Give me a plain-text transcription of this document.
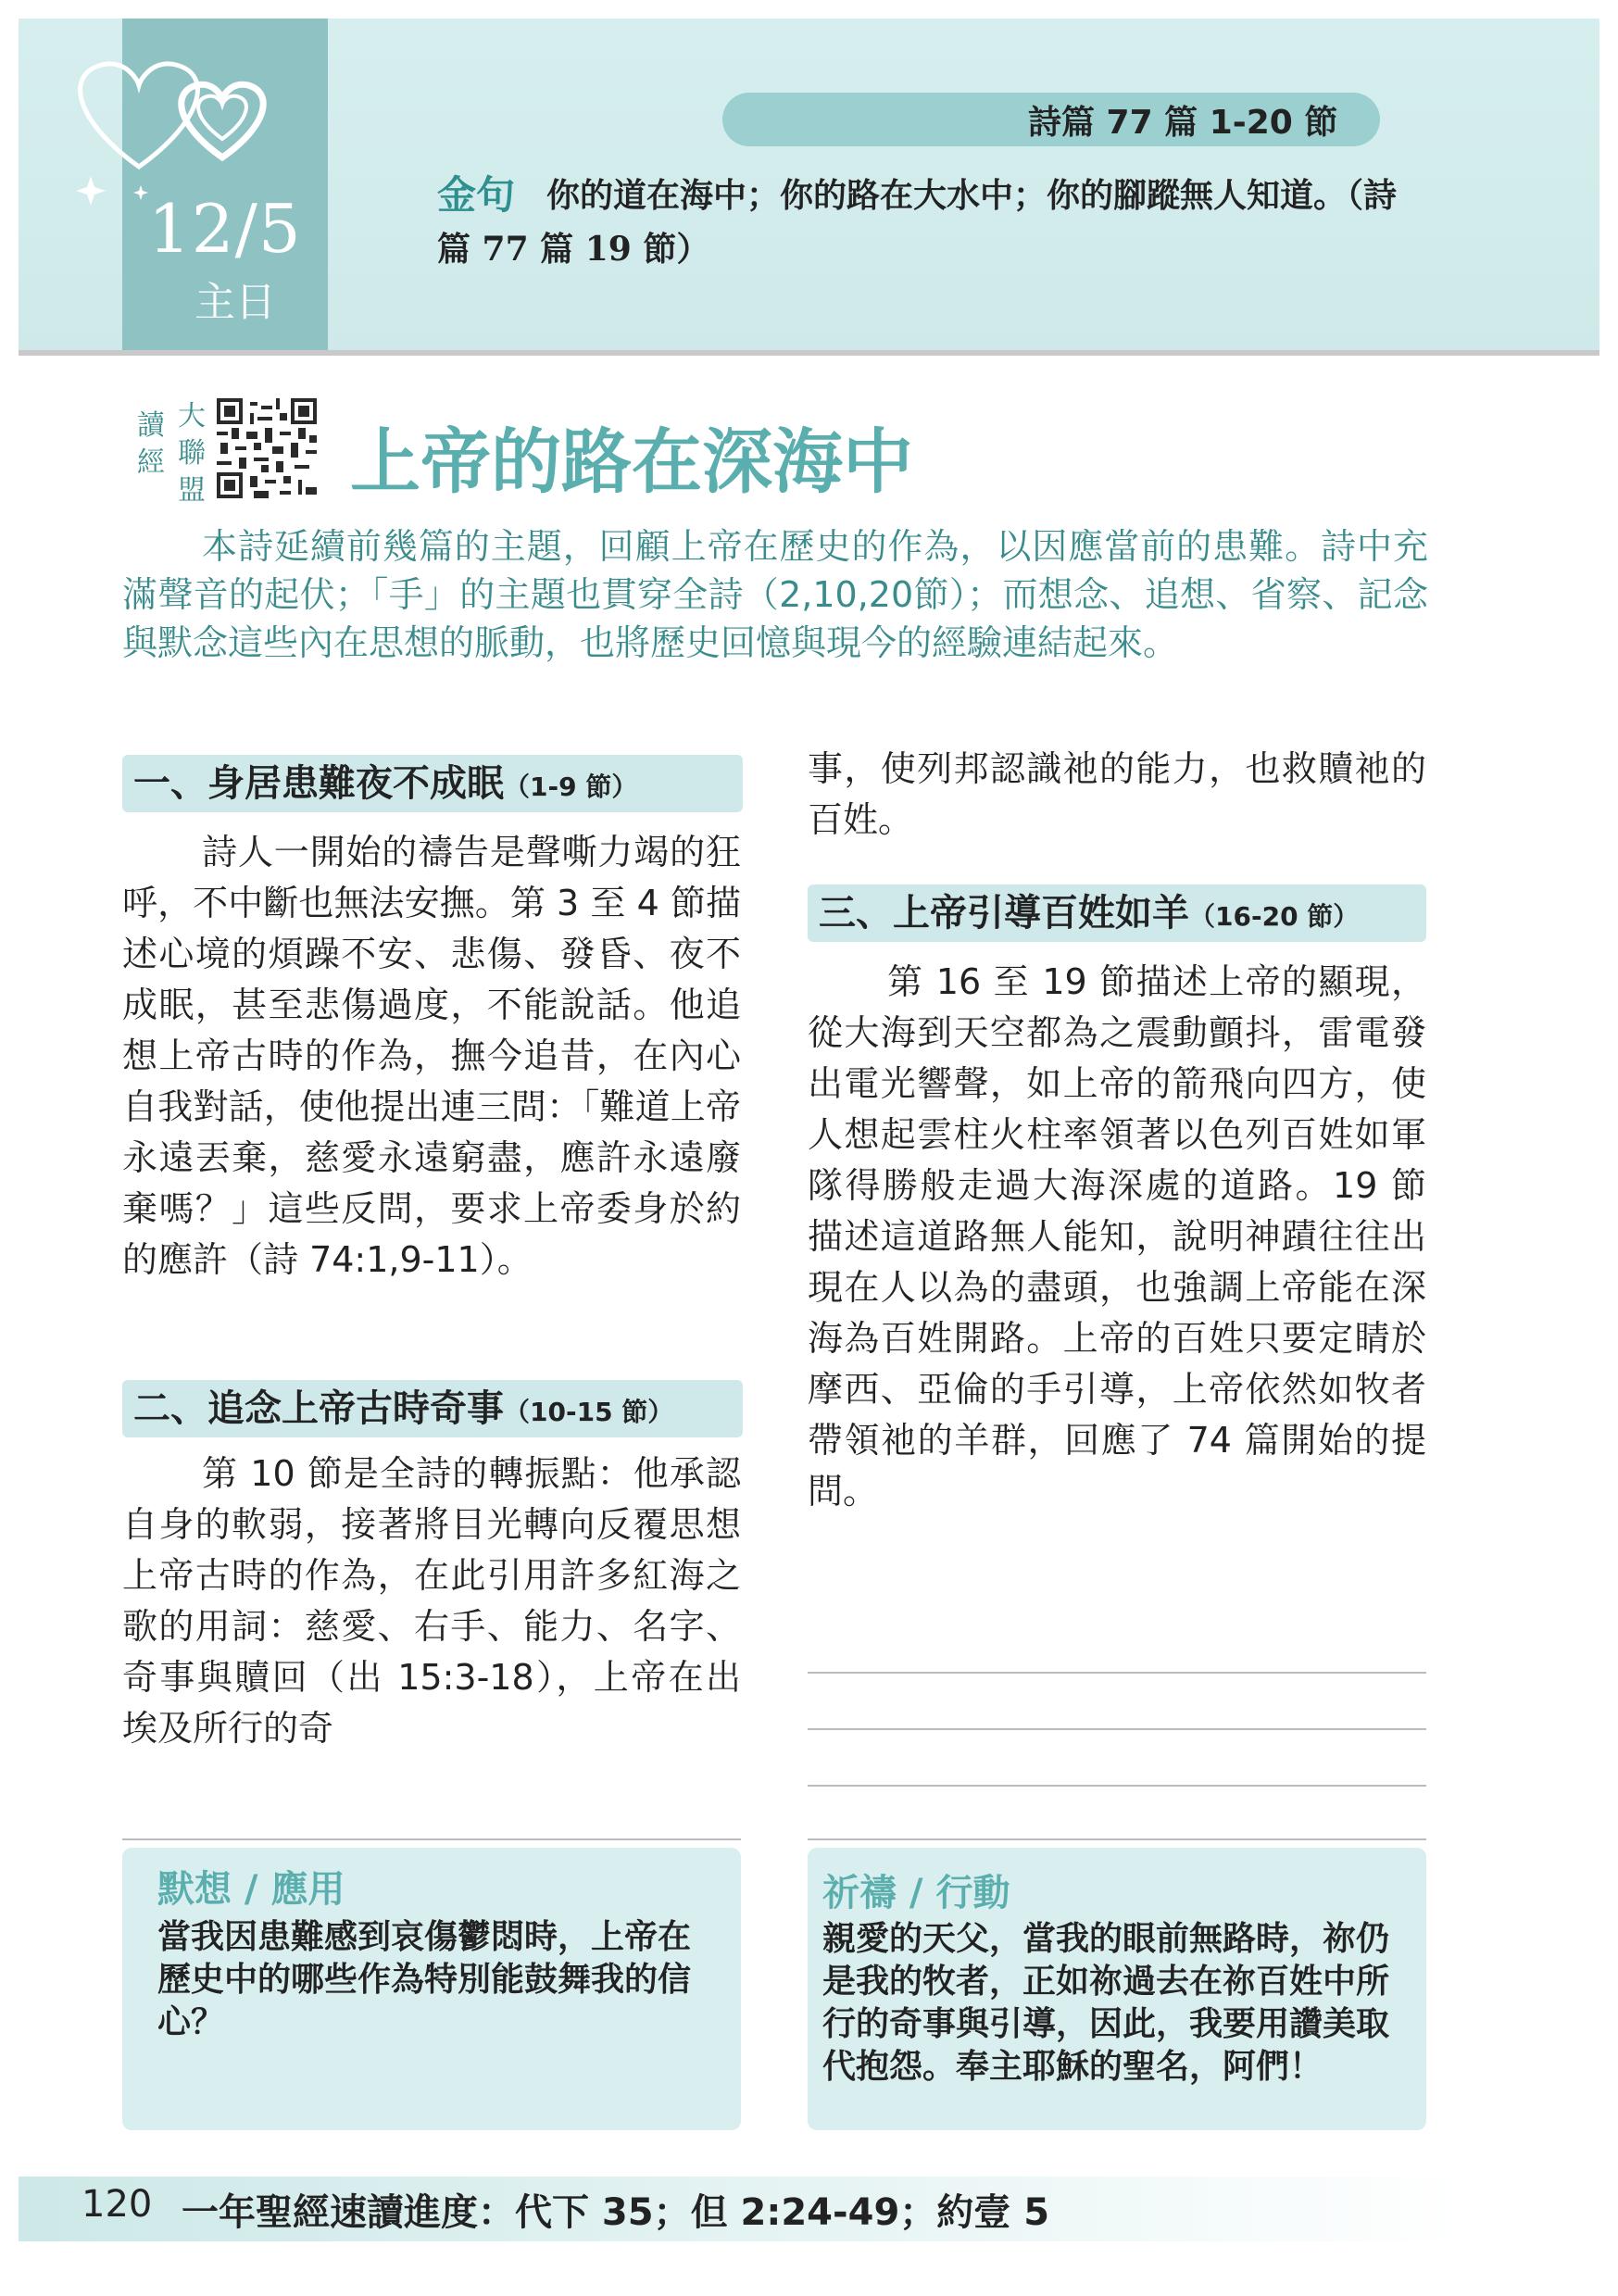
12/5
主日
詩篇 77 篇 1-20 節
金句 你的道在海中；你的路在大水中；你的腳蹤無人知道。（詩篇 77 篇 19 節）
讀經
大聯盟 上帝的路在深海中
本詩延續前幾篇的主題，回顧上帝在歷史的作為，以因應當前的患難。詩中充滿聲音的起伏；「手」的主題也貫穿全詩（2,10,20節）；而想念、追想、省察、記念與默念這些內在思想的脈動，也將歷史回憶與現今的經驗連結起來。
一、身居患難夜不成眠（1-9 節）
詩人一開始的禱告是聲嘶力竭的狂呼，不中斷也無法安撫。第 3 至 4 節描述心境的煩躁不安、悲傷、發昏、夜不成眠，甚至悲傷過度，不能說話。他追想上帝古時的作為，撫今追昔，在內心自我對話，使他提出連三問：「難道上帝永遠丟棄，慈愛永遠窮盡，應許永遠廢棄嗎？」這些反問，要求上帝委身於約的應許（詩 74:1,9-11）。
二、追念上帝古時奇事（10-15 節）
第 10 節是全詩的轉振點：他承認自身的軟弱，接著將目光轉向反覆思想上帝古時的作為，在此引用許多紅海之歌的用詞：慈愛、右手、能力、名字、奇事與贖回（出 15:3-18），上帝在出埃及所行的奇
事，使列邦認識祂的能力，也救贖祂的百姓。
三、上帝引導百姓如羊（16-20 節）
第 16 至 19 節描述上帝的顯現，從大海到天空都為之震動顫抖，雷電發出電光響聲，如上帝的箭飛向四方，使人想起雲柱火柱率領著以色列百姓如軍隊得勝般走過大海深處的道路。19 節描述這道路無人能知，說明神蹟往往出現在人以為的盡頭，也強調上帝能在深海為百姓開路。上帝的百姓只要定睛於摩西、亞倫的手引導，上帝依然如牧者帶領祂的羊群，回應了 74 篇開始的提問。
默想 / 應用
當我因患難感到哀傷鬱悶時，上帝在歷史中的哪些作為特別能鼓舞我的信心？
祈禱 / 行動
親愛的天父，當我的眼前無路時，祢仍是我的牧者，正如祢過去在祢百姓中所行的奇事與引導，因此，我要用讚美取代抱怨。奉主耶穌的聖名，阿們！
120 一年聖經速讀進度：代下 35；但 2:24-49；約壹 5
